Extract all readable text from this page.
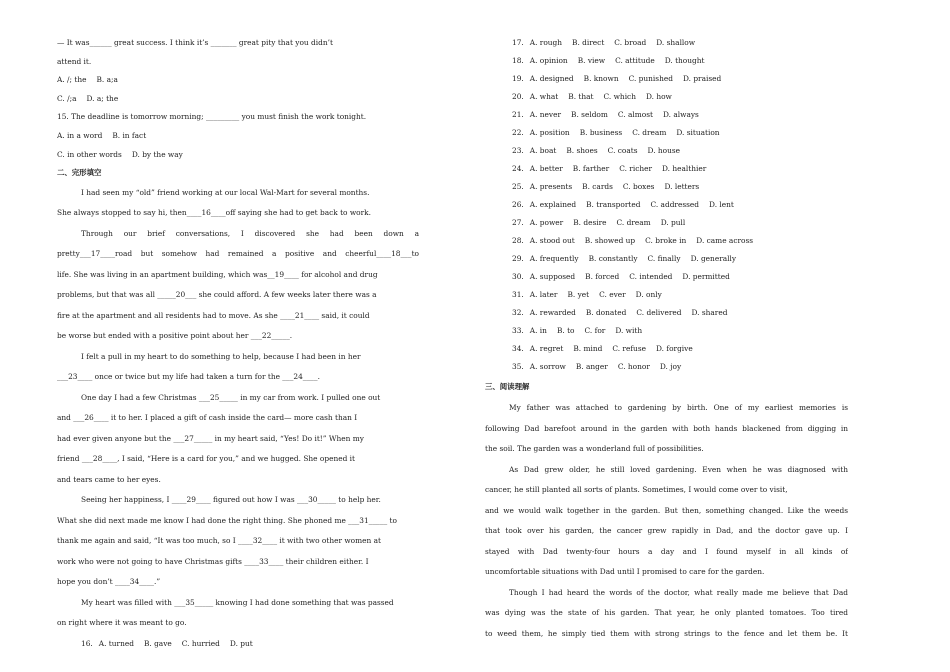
— It was______ great success. I think it’s _______ great pity that you didn’t
attend it.
A. /; the B. a;a
C. /;a D. a; the
15. The deadline is tomorrow morning; _________ you must finish the work tonight.
A. in a word B. in fact
C. in other words D. by the way
二、完形填空
I had seen my “old” friend working at our local Wal-Mart for several months.
She always stopped to say hi, then____16____off saying she had to get back to work.
Through our brief conversations, I discovered she had been down a
pretty___17____road but somehow had remained a positive and cheerful____18___to
life. She was living in an apartment building, which was__19____ for alcohol and drug
problems, but that was all _____20___ she could afford. A few weeks later there was a
fire at the apartment and all residents had to move. As she ____21____ said, it could
be worse but ended with a positive point about her ___22_____.
I felt a pull in my heart to do something to help, because I had been in her
___23____ once or twice but my life had taken a turn for the ___24____.
One day I had a few Christmas ___25_____ in my car from work. I pulled one out
and ___26____ it to her. I placed a gift of cash inside the card— more cash than I
had ever given anyone but the ___27_____ in my heart said, “Yes! Do it!” When my
friend ___28____, I said, “Here is a card for you,” and we hugged. She opened it
and tears came to her eyes.
Seeing her happiness, I ____29____ figured out how I was ___30_____ to help her.
What she did next made me know I had done the right thing. She phoned me ___31_____ to
thank me again and said, “It was too much, so I ____32____ it with two other women at
work who were not going to have Christmas gifts ____33____ their children either. I
hope you don’t ____34____.”
My heart was filled with ___35_____ knowing I had done something that was passed
on right where it was meant to go.
16. A. turned B. gave C. hurried D. put
17. A. rough B. direct C. broad D. shallow
18. A. opinion B. view C. attitude D. thought
19. A. designed B. known C. punished D. praised
20. A. what B. that C. which D. how
21. A. never B. seldom C. almost D. always
22. A. position B. business C. dream D. situation
23. A. boat B. shoes C. coats D. house
24. A. better B. farther C. richer D. healthier
25. A. presents B. cards C. boxes D. letters
26. A. explained B. transported C. addressed D. lent
27. A. power B. desire C. dream D. pull
28. A. stood out B. showed up C. broke in D. came across
29. A. frequently B. constantly C. finally D. generally
30. A. supposed B. forced C. intended D. permitted
31. A. later B. yet C. ever D. only
32. A. rewarded B. donated C. delivered D. shared
33. A. in B. to C. for D. with
34. A. regret B. mind C. refuse D. forgive
35. A. sorrow B. anger C. honor D. joy
三、阅读理解
My father was attached to gardening by birth. One of my earliest memories is
following Dad barefoot around in the garden with both hands blackened from digging in
the soil. The garden was a wonderland full of possibilities.
As Dad grew older, he still loved gardening. Even when he was diagnosed with
cancer, he still planted all sorts of plants. Sometimes, I would come over to visit,
and we would walk together in the garden. But then, something changed. Like the weeds
that took over his garden, the cancer grew rapidly in Dad, and the doctor gave up. I
stayed with Dad twenty-four hours a day and I found myself in all kinds of
uncomfortable situations with Dad until I promised to care for the garden.
Though I had heard the words of the doctor, what really made me believe that Dad
was dying was the state of his garden. That year, he only planted tomatoes. Too tired
to weed them, he simply tied them with strong strings to the fence and let them be. It
